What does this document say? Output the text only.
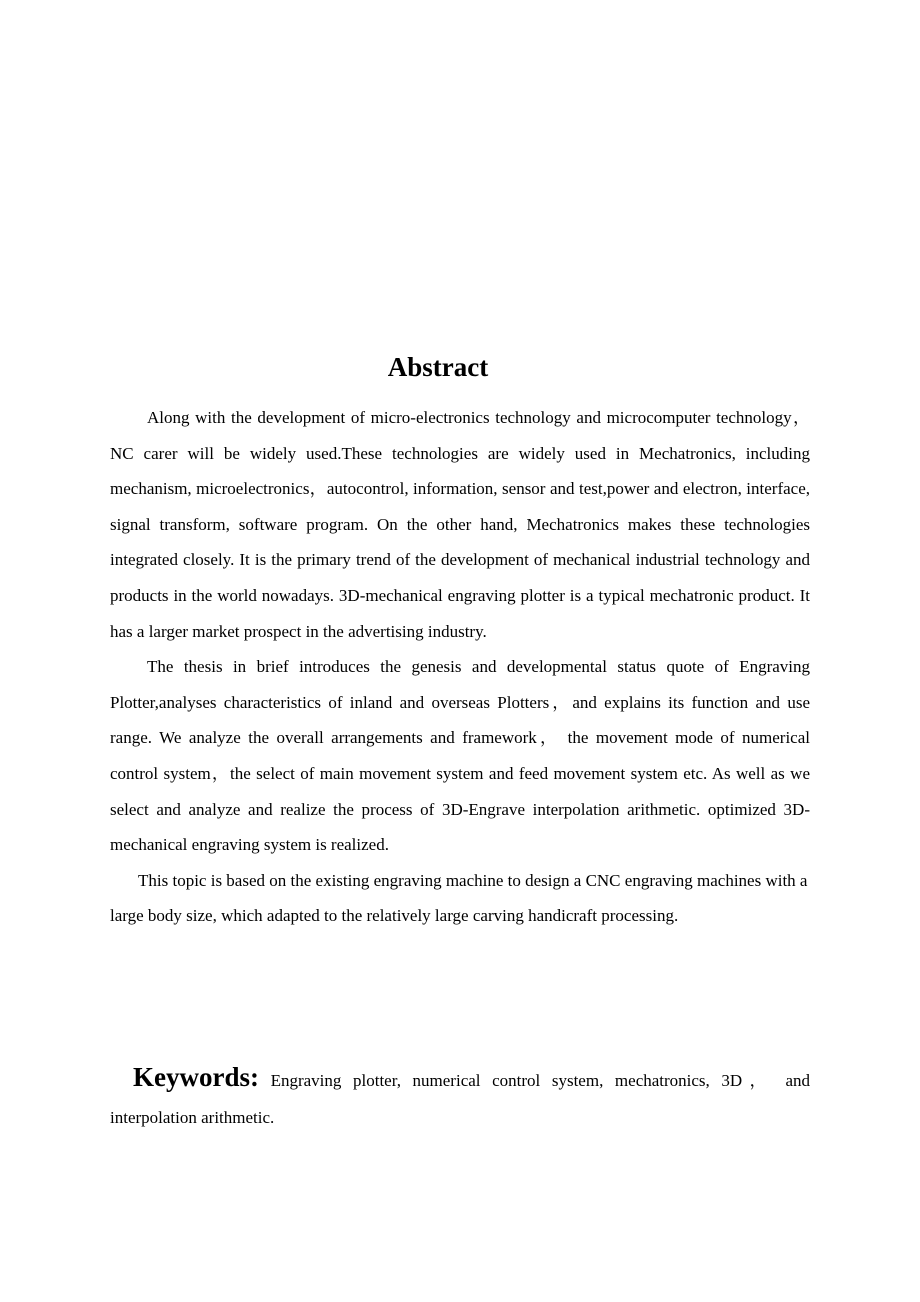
Abstract

Along with the development of micro-electronics technology and microcomputer technology， NC carer will be widely used.These technologies are widely used in Mechatronics, including mechanism, microelectronics，autocontrol, information, sensor and test,power and electron, interface, signal transform, software program. On the other hand, Mechatronics makes these technologies integrated closely. It is the primary trend of the development of mechanical industrial technology and products in the world nowadays. 3D-mechanical engraving plotter is a typical mechatronic product. It has a larger market prospect in the advertising industry.

The thesis in brief introduces the genesis and developmental status quote of Engraving Plotter,analyses characteristics of inland and overseas Plotters，and explains its function and use range. We analyze the overall arrangements and framework， the movement mode of numerical control system，the select of main movement system and feed movement system etc. As well as we select and analyze and realize the process of 3D-Engrave interpolation arithmetic. optimized 3D-mechanical engraving system is realized.

This topic is based on the existing engraving machine to design a CNC engraving machines with a large body size, which adapted to the relatively large carving handicraft processing.

Keywords: Engraving plotter, numerical control system, mechatronics, 3D， and interpolation arithmetic.
